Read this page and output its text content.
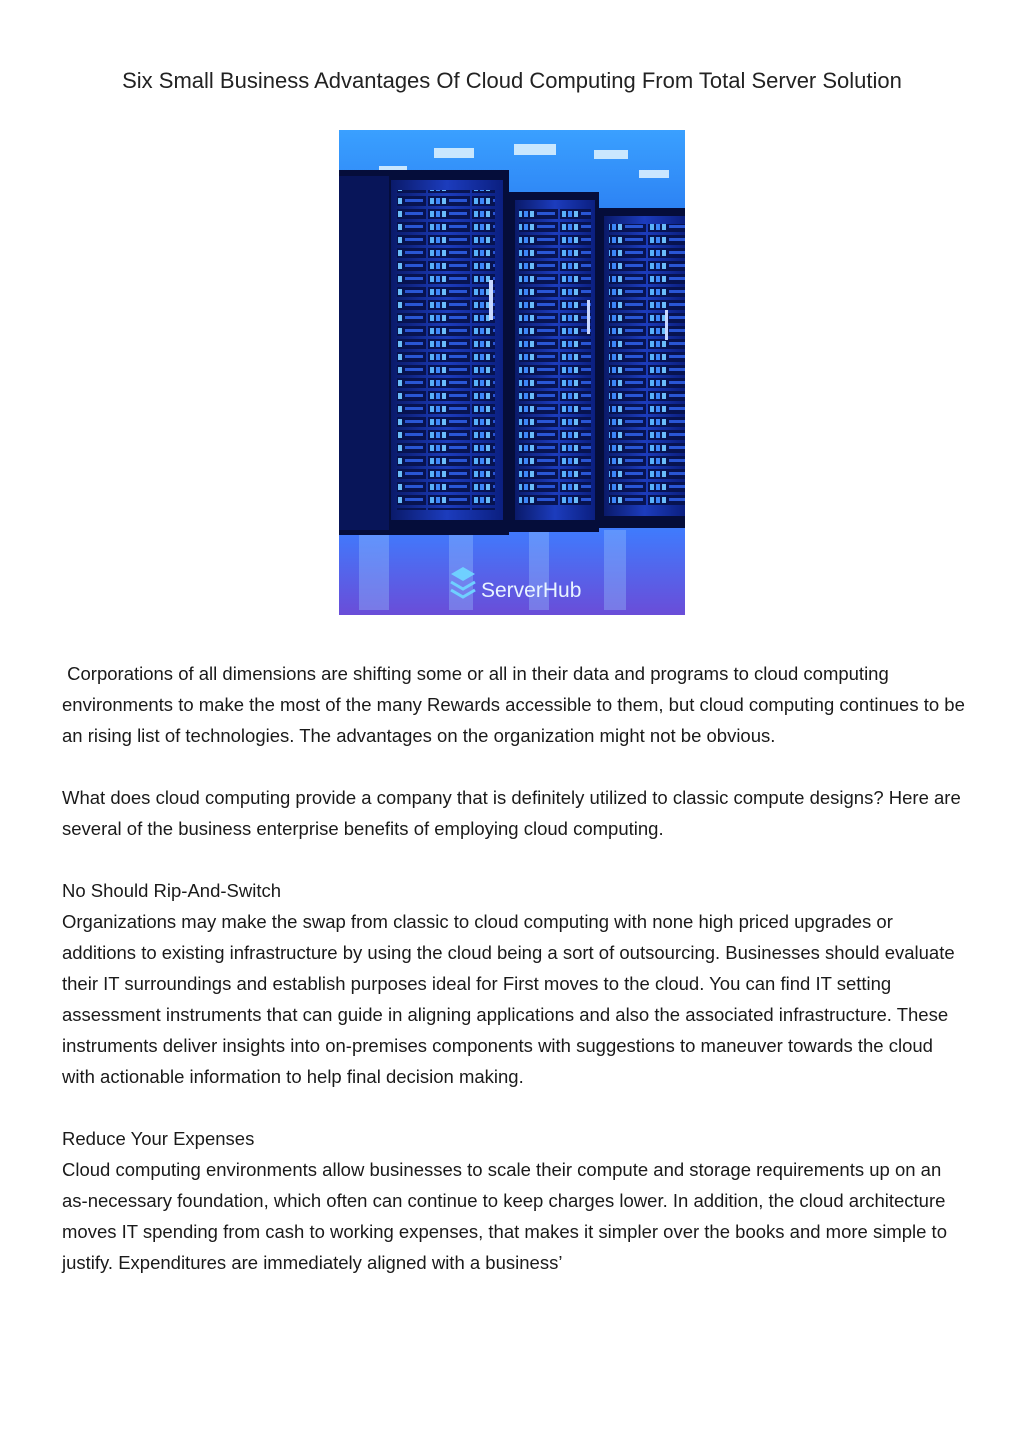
Six Small Business Advantages Of Cloud Computing From Total Server Solution
ServerHub

Corporations of all dimensions are shifting some or all in their data and programs to cloud computing environments to make the most of the many Rewards accessible to them, but cloud computing continues to be an rising list of technologies. The advantages on the organization might not be obvious.

What does cloud computing provide a company that is definitely utilized to classic compute designs? Here are several of the business enterprise benefits of employing cloud computing.

No Should Rip-And-Switch
Organizations may make the swap from classic to cloud computing with none high priced upgrades or additions to existing infrastructure by using the cloud being a sort of outsourcing. Businesses should evaluate their IT surroundings and establish purposes ideal for First moves to the cloud. You can find IT setting assessment instruments that can guide in aligning applications and also the associated infrastructure. These instruments deliver insights into on-premises components with suggestions to maneuver towards the cloud with actionable information to help final decision making.

Reduce Your Expenses
Cloud computing environments allow businesses to scale their compute and storage requirements up on an as-necessary foundation, which often can continue to keep charges lower. In addition, the cloud architecture moves IT spending from cash to working expenses, that makes it simpler over the books and more simple to justify. Expenditures are immediately aligned with a business’
